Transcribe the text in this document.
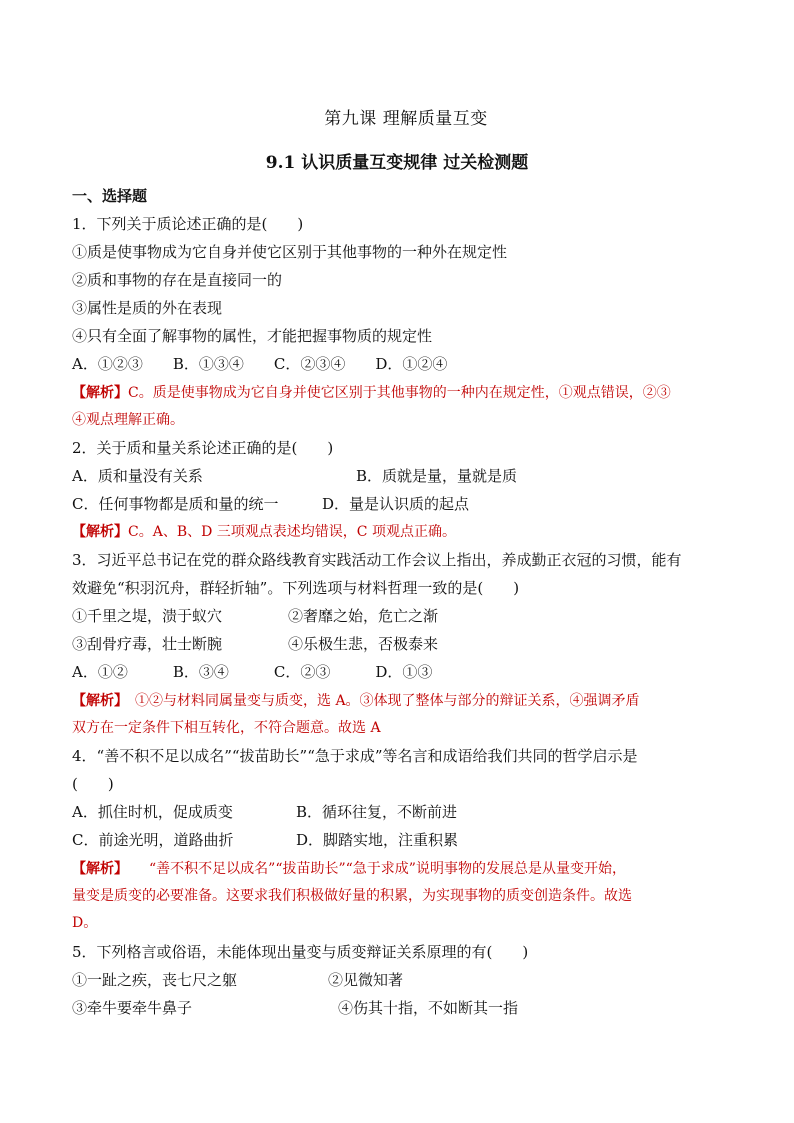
第九课 理解质量互变
9.1 认识质量互变规律 过关检测题
一、选择题
1．下列关于质论述正确的是(　　)
①质是使事物成为它自身并使它区别于其他事物的一种外在规定性
②质和事物的存在是直接同一的
③属性是质的外在表现
④只有全面了解事物的属性，才能把握事物质的规定性
A．①②③　　B．①③④　　C．②③④　　D．①②④
【解析】C。质是使事物成为它自身并使它区别于其他事物的一种内在规定性，①观点错误，②③
④观点理解正确。
2．关于质和量关系论述正确的是(　　)
A．质和量没有关系	B．质就是量，量就是质
C．任何事物都是质和量的统一	D．量是认识质的起点
【解析】C。A、B、D 三项观点表述均错误，C 项观点正确。
3．习近平总书记在党的群众路线教育实践活动工作会议上指出，养成勤正衣冠的习惯，能有
效避免“积羽沉舟，群轻折轴”。下列选项与材料哲理一致的是(　　)
①千里之堤，溃于蚁穴	②奢靡之始，危亡之渐
③刮骨疗毒，壮士断腕	④乐极生悲，否极泰来
A．①②　　　B．③④　　　C．②③　　　D．①③
【解析】　①②与材料同属量变与质变，选 A。③体现了整体与部分的辩证关系，④强调矛盾
双方在一定条件下相互转化，不符合题意。故选 A
4．“善不积不足以成名”“拔苗助长”“急于求成”等名言和成语给我们共同的哲学启示是
(　　)
A．抓住时机，促成质变	B．循环往复，不断前进
C．前途光明，道路曲折	D．脚踏实地，注重积累
【解析】　　“善不积不足以成名”“拔苗助长”“急于求成”说明事物的发展总是从量变开始，
量变是质变的必要准备。这要求我们积极做好量的积累，为实现事物的质变创造条件。故选
D。
5．下列格言或俗语，未能体现出量变与质变辩证关系原理的有(　　)
①一趾之疾，丧七尺之躯	②见微知著
③牵牛要牵牛鼻子	④伤其十指，不如断其一指
